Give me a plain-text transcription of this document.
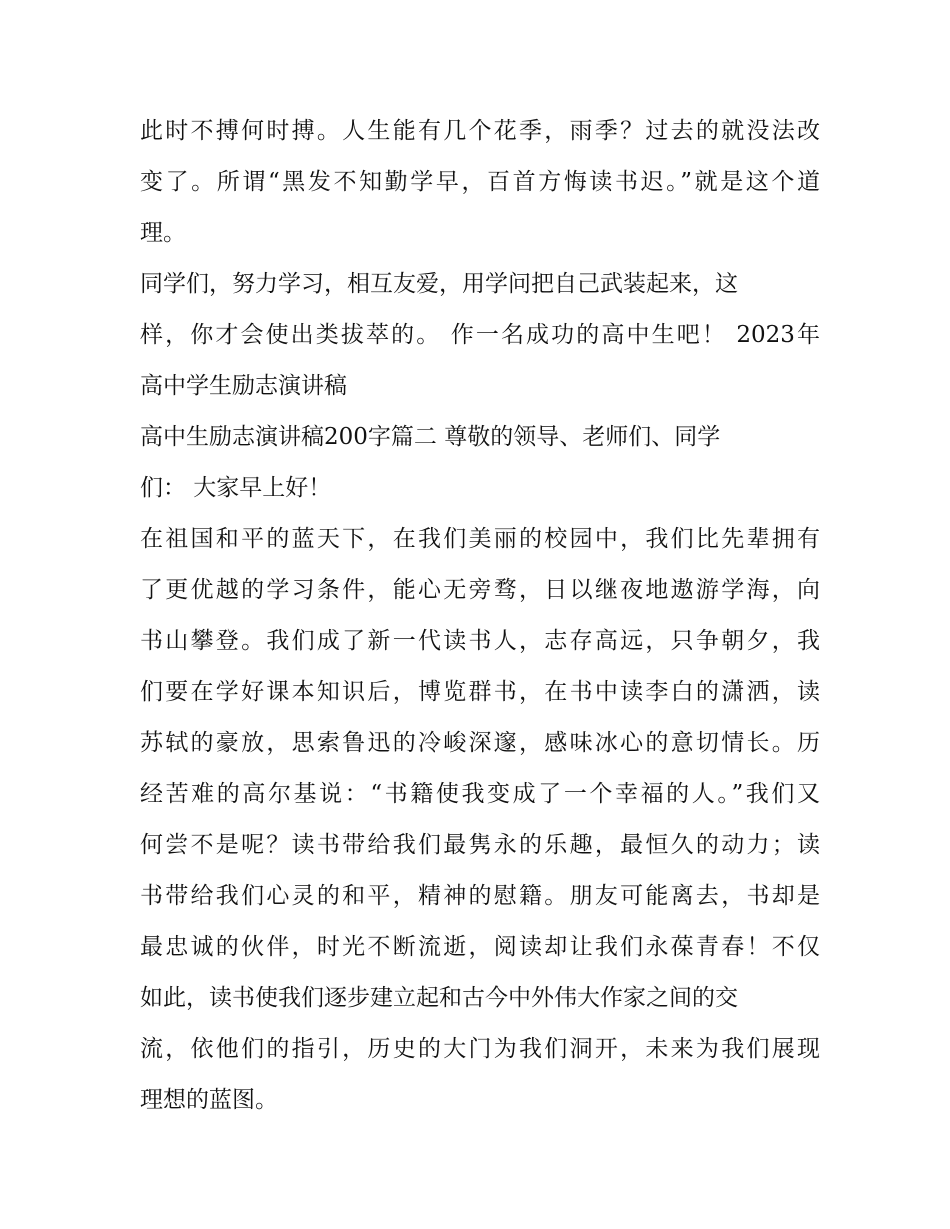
此时不搏何时搏。人生能有几个花季，雨季？过去的就没法改
变了。所谓“黑发不知勤学早，百首方悔读书迟。”就是这个道
理。
同学们，努力学习，相互友爱，用学问把自己武装起来，这
样，你才会使出类拔萃的。 作一名成功的高中生吧！ 2023年
高中学生励志演讲稿
高中生励志演讲稿200字篇二 尊敬的领导、老师们、同学
们： 大家早上好！
在祖国和平的蓝天下，在我们美丽的校园中，我们比先辈拥有
了更优越的学习条件，能心无旁骛，日以继夜地遨游学海，向
书山攀登。我们成了新一代读书人，志存高远，只争朝夕，我
们要在学好课本知识后，博览群书，在书中读李白的潇洒，读
苏轼的豪放，思索鲁迅的冷峻深邃，感味冰心的意切情长。历
经苦难的高尔基说：“书籍使我变成了一个幸福的人。”我们又
何尝不是呢？读书带给我们最隽永的乐趣，最恒久的动力；读
书带给我们心灵的和平，精神的慰籍。朋友可能离去，书却是
最忠诚的伙伴，时光不断流逝，阅读却让我们永葆青春！不仅
如此，读书使我们逐步建立起和古今中外伟大作家之间的交
流，依他们的指引，历史的大门为我们洞开，未来为我们展现
理想的蓝图。
